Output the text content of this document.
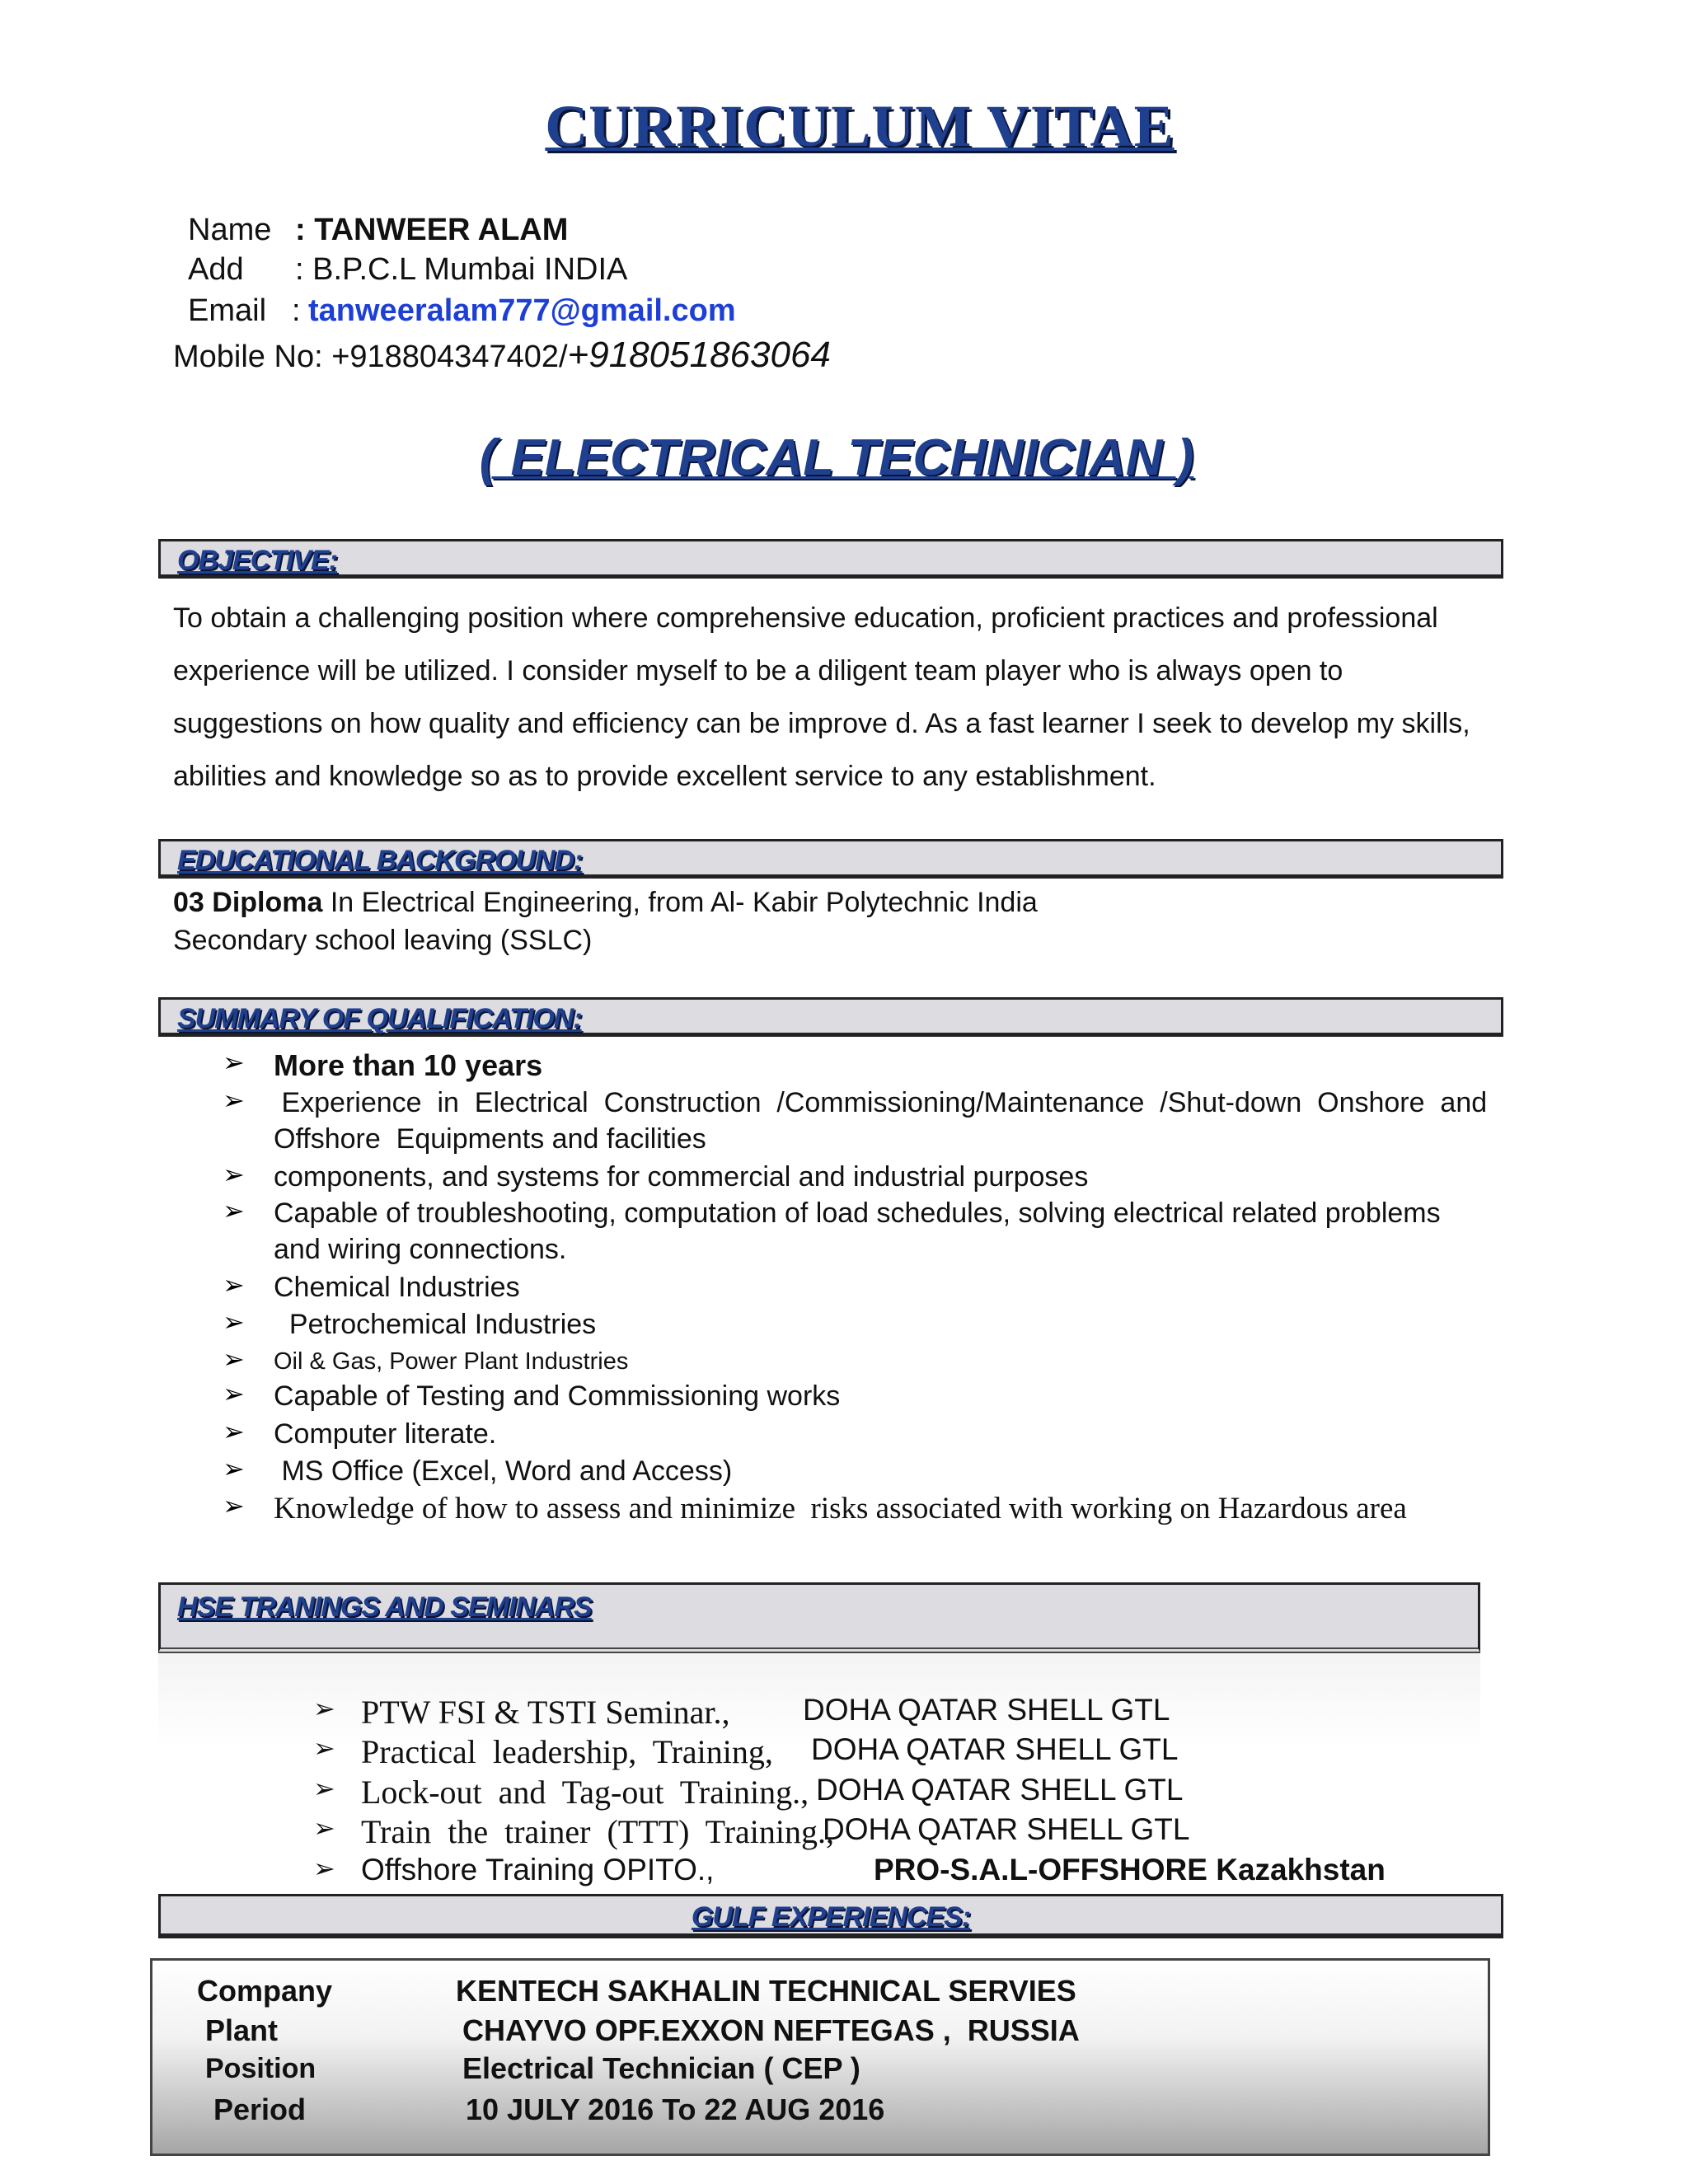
CURRICULUM VITAE
Name : TANWEER ALAM
Add : B.P.C.L Mumbai INDIA
Email : tanweeralam777@gmail.com
Mobile No: +918804347402/+918051863064
( ELECTRICAL TECHNICIAN )
OBJECTIVE:
To obtain a challenging position where comprehensive education, proficient practices and professional
experience will be utilized. I consider myself to be a diligent team player who is always open to
suggestions on how quality and efficiency can be improve d. As a fast learner I seek to develop my skills,
abilities and knowledge so as to provide excellent service to any establishment.
EDUCATIONAL BACKGROUND:
03 Diploma In Electrical Engineering, from Al- Kabir Polytechnic India
Secondary school leaving (SSLC)
SUMMARY OF QUALIFICATION:
➢ More than 10 years
➢ Experience  in  Electrical  Construction  /Commissioning/Maintenance  /Shut-down  Onshore  and
Offshore  Equipments and facilities
➢ components, and systems for commercial and industrial purposes
➢ Capable of troubleshooting, computation of load schedules, solving electrical related problems
and wiring connections.
➢ Chemical Industries
➢ Petrochemical Industries
➢ Oil & Gas, Power Plant Industries
➢ Capable of Testing and Commissioning works
➢ Computer literate.
➢ MS Office (Excel, Word and Access)
➢ Knowledge of how to assess and minimize  risks associated with working on Hazardous area
HSE TRANINGS AND SEMINARS
➢ PTW FSI & TSTI Seminar., DOHA QATAR SHELL GTL
➢ Practical  leadership,  Training, DOHA QATAR SHELL GTL
➢ Lock-out  and  Tag-out  Training., DOHA QATAR SHELL GTL
➢ Train  the  trainer  (TTT)  Training.,
DOHA QATAR SHELL GTL
➢ Offshore Training OPITO.,	PRO-S.A.L-OFFSHORE Kazakhstan
GULF EXPERIENCES:
Company	KENTECH SAKHALIN TECHNICAL SERVIES
Plant	CHAYVO OPF.EXXON NEFTEGAS ,  RUSSIA
Position	Electrical Technician ( CEP )
Period	10 JULY 2016 To 22 AUG 2016
